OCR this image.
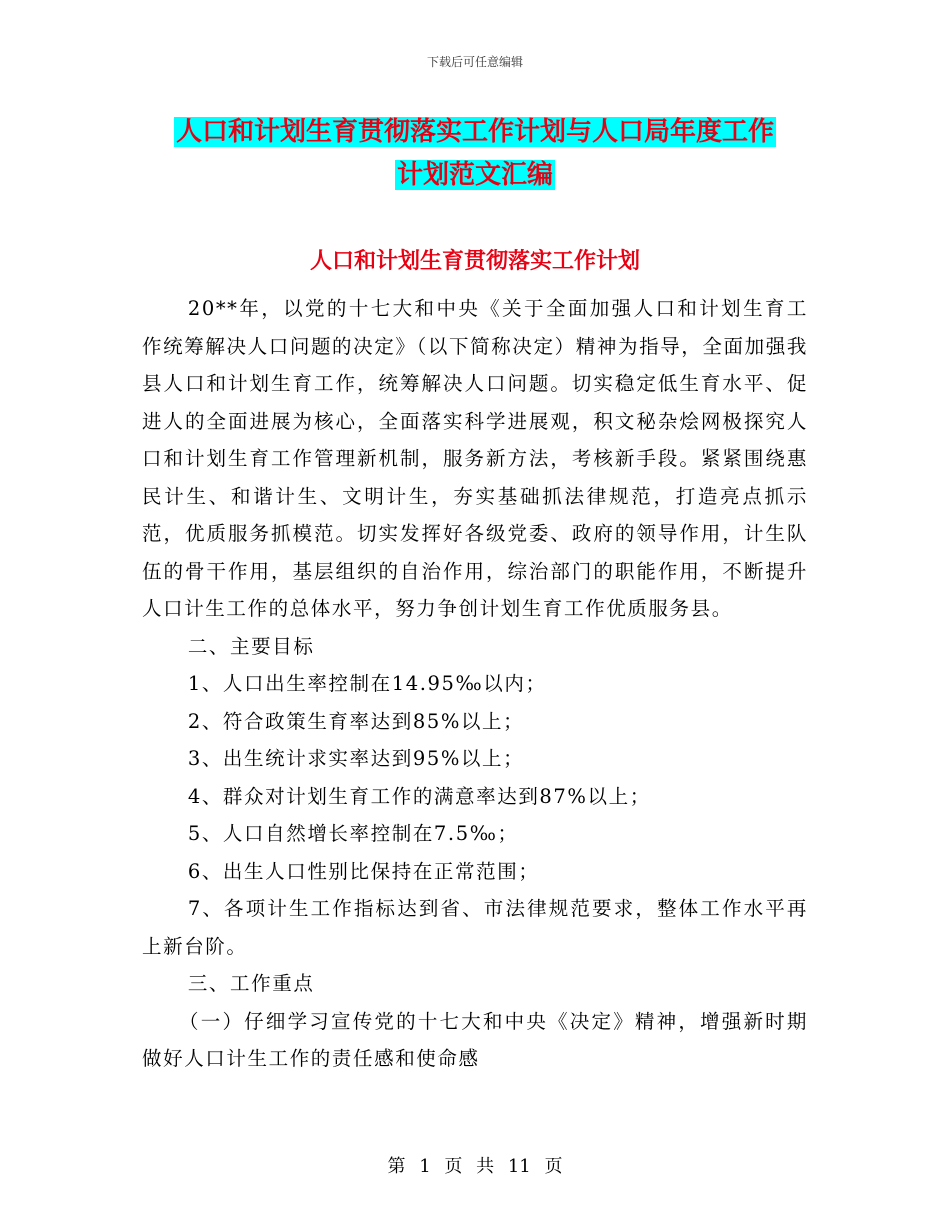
下载后可任意编辑
人口和计划生育贯彻落实工作计划与人口局年度工作
计划范文汇编
人口和计划生育贯彻落实工作计划

20**年，以党的十七大和中央《关于全面加强人口和计划生育工作统筹解决人口问题的决定》（以下简称决定）精神为指导，全面加强我县人口和计划生育工作，统筹解决人口问题。切实稳定低生育水平、促进人的全面进展为核心，全面落实科学进展观，积文秘杂烩网极探究人口和计划生育工作管理新机制，服务新方法，考核新手段。紧紧围绕惠民计生、和谐计生、文明计生，夯实基础抓法律规范，打造亮点抓示范，优质服务抓模范。切实发挥好各级党委、政府的领导作用，计生队伍的骨干作用，基层组织的自治作用，综治部门的职能作用，不断提升人口计生工作的总体水平，努力争创计划生育工作优质服务县。

二、主要目标

1、人口出生率控制在14.95‰以内；

2、符合政策生育率达到85%以上；

3、出生统计求实率达到95%以上；

4、群众对计划生育工作的满意率达到87%以上；

5、人口自然增长率控制在7.5‰；

6、出生人口性别比保持在正常范围；

7、各项计生工作指标达到省、市法律规范要求，整体工作水平再上新台阶。

三、工作重点

（一）仔细学习宣传党的十七大和中央《决定》精神，增强新时期做好人口计生工作的责任感和使命感

第 1 页 共 11 页
